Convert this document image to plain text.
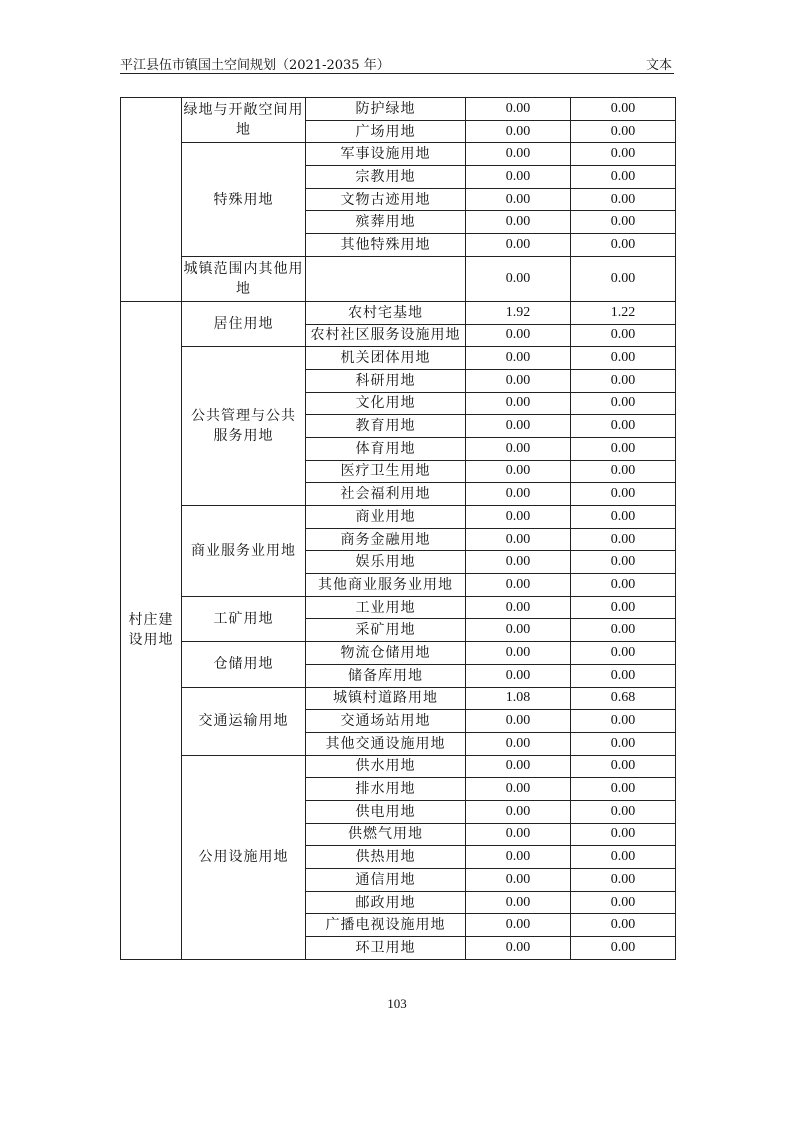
平江县伍市镇国土空间规划（2021-2035 年）	文本
	绿地与开敞空间用地	防护绿地	0.00	0.00
		广场用地	0.00	0.00
	特殊用地	军事设施用地	0.00	0.00
		宗教用地	0.00	0.00
		文物古迹用地	0.00	0.00
		殡葬用地	0.00	0.00
		其他特殊用地	0.00	0.00
	城镇范围内其他用地		0.00	0.00
村庄建设用地	居住用地	农村宅基地	1.92	1.22
		农村社区服务设施用地	0.00	0.00
	公共管理与公共服务用地	机关团体用地	0.00	0.00
		科研用地	0.00	0.00
		文化用地	0.00	0.00
		教育用地	0.00	0.00
		体育用地	0.00	0.00
		医疗卫生用地	0.00	0.00
		社会福利用地	0.00	0.00
	商业服务业用地	商业用地	0.00	0.00
		商务金融用地	0.00	0.00
		娱乐用地	0.00	0.00
		其他商业服务业用地	0.00	0.00
	工矿用地	工业用地	0.00	0.00
		采矿用地	0.00	0.00
	仓储用地	物流仓储用地	0.00	0.00
		储备库用地	0.00	0.00
	交通运输用地	城镇村道路用地	1.08	0.68
		交通场站用地	0.00	0.00
		其他交通设施用地	0.00	0.00
	公用设施用地	供水用地	0.00	0.00
		排水用地	0.00	0.00
		供电用地	0.00	0.00
		供燃气用地	0.00	0.00
		供热用地	0.00	0.00
		通信用地	0.00	0.00
		邮政用地	0.00	0.00
		广播电视设施用地	0.00	0.00
		环卫用地	0.00	0.00
103
